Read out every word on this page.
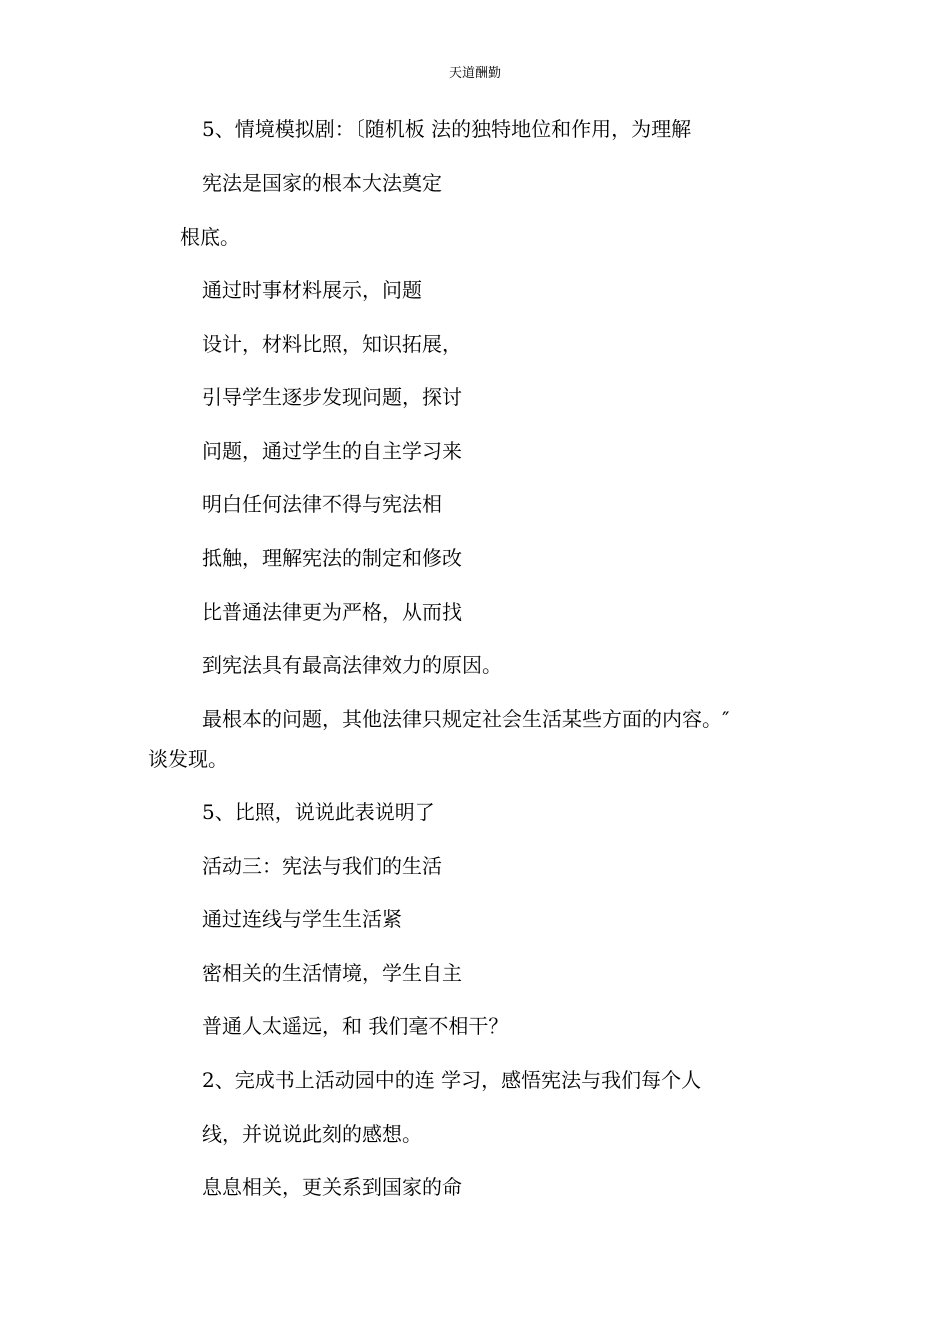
天道酬勤
5、情境模拟剧：〔随机板 法的独特地位和作用，为理解
宪法是国家的根本大法奠定
根底。
通过时事材料展示，问题
设计，材料比照，知识拓展，
引导学生逐步发现问题，探讨
问题，通过学生的自主学习来
明白任何法律不得与宪法相
抵触，理解宪法的制定和修改
比普通法律更为严格，从而找
到宪法具有最高法律效力的原因。
最根本的问题，其他法律只规定社会生活某些方面的内容。″
谈发现。
5、比照，说说此表说明了
活动三：宪法与我们的生活
通过连线与学生生活紧
密相关的生活情境，学生自主
普通人太遥远，和 我们毫不相干？
2、完成书上活动园中的连 学习，感悟宪法与我们每个人
线，并说说此刻的感想。
息息相关，更关系到国家的命
